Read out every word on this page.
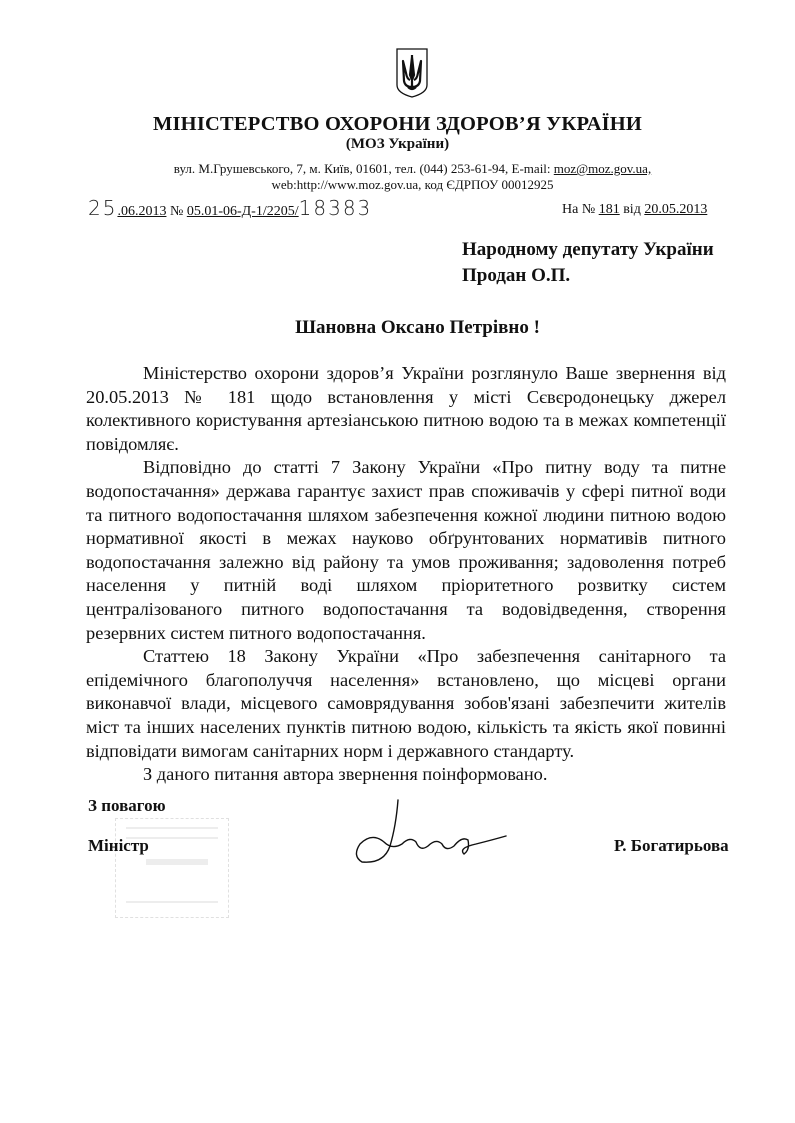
МІНІСТЕРСТВО ОХОРОНИ ЗДОРОВ’Я УКРАЇНИ
(МОЗ України)
вул. М.Грушевського, 7, м. Київ, 01601, тел. (044) 253-61-94, E-mail: moz@moz.gov.ua,
web:http://www.moz.gov.ua, код ЄДРПОУ 00012925
25.06.2013 № 05.01-06-Д-1/2205/18383	На № 181 від 20.05.2013
Народному депутату України
Продан О.П.
Шановна Оксано Петрівно !

Міністерство охорони здоров’я України розглянуло Ваше звернення від 20.05.2013 № 181 щодо встановлення у місті Сєвєродонецьку джерел колективного користування артезіанською питною водою та в межах компетенції повідомляє.

Відповідно до статті 7 Закону України «Про питну воду та питне водопостачання» держава гарантує захист прав споживачів у сфері питної води та питного водопостачання шляхом забезпечення кожної людини питною водою нормативної якості в межах науково обґрунтованих нормативів питного водопостачання залежно від району та умов проживання; задоволення потреб населення у питній воді шляхом пріоритетного розвитку систем централізованого питного водопостачання та водовідведення, створення резервних систем питного водопостачання.

Статтею 18 Закону України «Про забезпечення санітарного та епідемічного благополуччя населення» встановлено, що місцеві органи виконавчої влади, місцевого самоврядування зобов'язані забезпечити жителів міст та інших населених пунктів питною водою, кількість та якість якої повинні відповідати вимогам санітарних норм і державного стандарту.

З даного питання автора звернення поінформовано.

З повагою
Міністр	Р. Богатирьова
